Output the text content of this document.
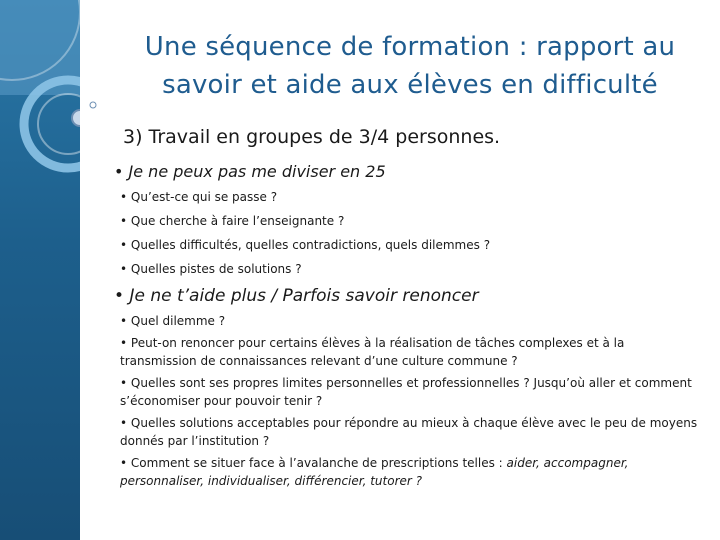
Une séquence de formation : rapport au
savoir et aide aux élèves en difficulté
3) Travail en groupes de 3/4 personnes.
• Je ne peux pas me diviser en 25
• Qu’est-ce qui se passe ?
• Que cherche à faire l’enseignante ?
• Quelles difficultés, quelles contradictions, quels dilemmes ?
• Quelles pistes de solutions ?
• Je ne t’aide plus / Parfois savoir renoncer
• Quel dilemme ?
• Peut-on renoncer pour certains élèves à la réalisation de tâches complexes et à la transmission de connaissances relevant d’une culture commune ?
• Quelles sont ses propres limites personnelles et professionnelles ? Jusqu’où aller et comment s’économiser pour pouvoir tenir ?
• Quelles solutions acceptables pour répondre au mieux à chaque élève avec le peu de moyens donnés par l’institution ?
• Comment se situer face à l’avalanche de prescriptions telles : aider, accompagner, personnaliser, individualiser, différencier, tutorer ?
